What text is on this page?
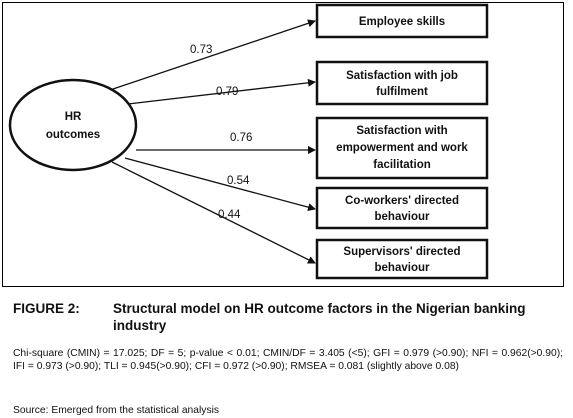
HR
outcomes
0.73
0.79
0.76
0.54
0.44
Employee skills
Satisfaction with job
fulfilment
Satisfaction with
empowerment and work
facilitation
Co-workers' directed
behaviour
Supervisors' directed
behaviour
FIGURE 2: Structural model on HR outcome factors in the Nigerian banking industry
Chi-square (CMIN) = 17.025; DF = 5; p-value < 0.01; CMIN/DF = 3.405 (<5); GFI = 0.979 (>0.90); NFI = 0.962(>0.90); IFI = 0.973 (>0.90); TLI = 0.945(>0.90); CFI = 0.972 (>0.90); RMSEA = 0.081 (slightly above 0.08)
Source: Emerged from the statistical analysis
